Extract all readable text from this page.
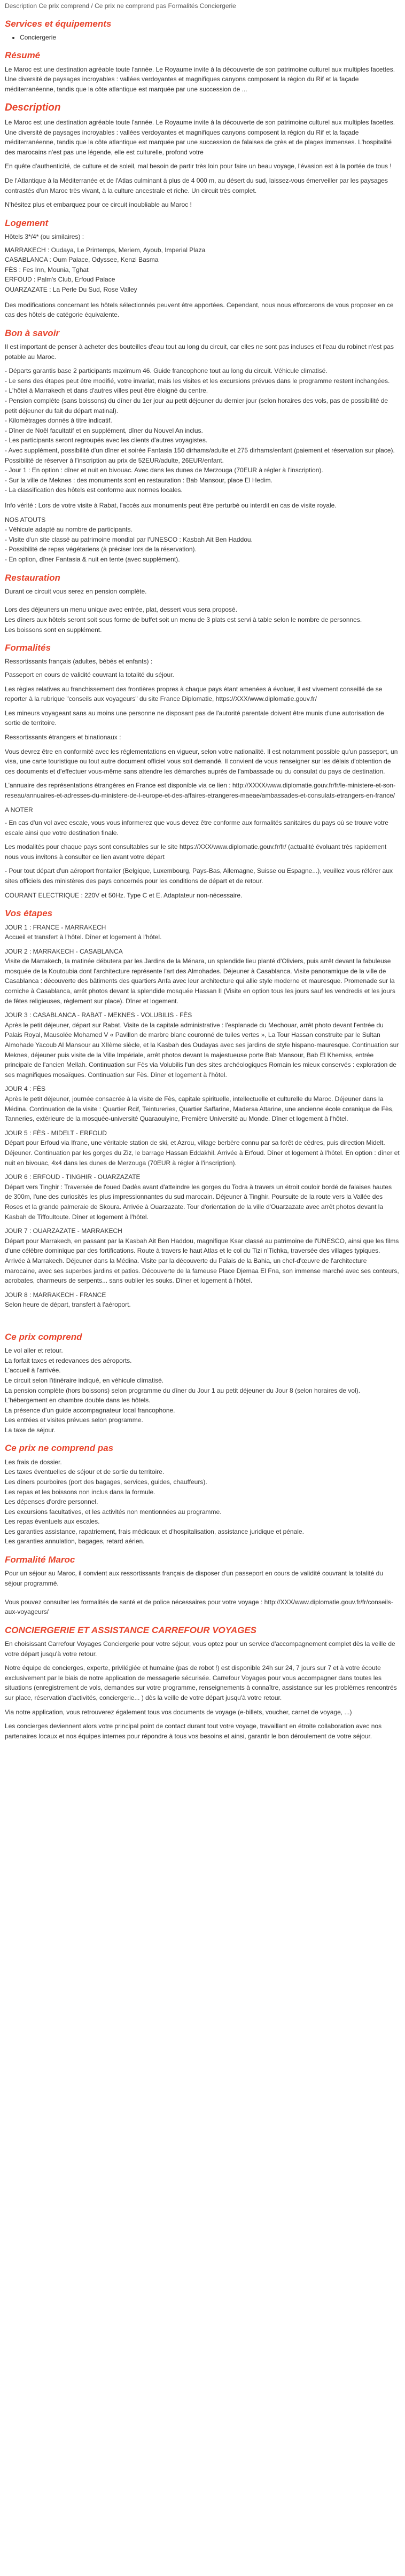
Description Ce prix comprend / Ce prix ne comprend pas Formalités Conciergerie
Services et équipements
• Conciergerie
Résumé

Le Maroc est une destination agréable toute l'année. Le Royaume invite à la découverte de son patrimoine culturel aux multiples facettes. Une diversité de paysages incroyables : vallées verdoyantes et magnifiques canyons composent la région du Rif et la façade méditerranéenne, tandis que la côte atlantique est marquée par une succession de ...

Description

Le Maroc est une destination agréable toute l'année. Le Royaume invite à la découverte de son patrimoine culturel aux multiples facettes. Une diversité de paysages incroyables : vallées verdoyantes et magnifiques canyons composent la région du Rif et la façade méditerranéenne, tandis que la côte atlantique est marquée par une succession de falaises de grès et de plages immenses. L'hospitalité des marocains n'est pas une légende, elle est culturelle, profond votre

En quête d'authenticité, de culture et de soleil, mal besoin de partir très loin pour faire un beau voyage, l'évasion est à la portée de tous !

De l'Atlantique à la Méditerranée et de l'Atlas culminant à plus de 4 000 m, au désert du sud, laissez-vous émerveiller par les paysages contrastés d'un Maroc très vivant, à la culture ancestrale et riche. Un circuit très complet.

N'hésitez plus et embarquez pour ce circuit inoubliable au Maroc !

Logement

Hôtels 3*/4* (ou similaires) :

MARRAKECH : Oudaya, Le Printemps, Meriem, Ayoub, Imperial Plaza
CASABLANCA : Oum Palace, Odyssee, Kenzi Basma
FÈS : Fes Inn, Mounia, Tghat
ERFOUD : Palm's Club, Erfoud Palace
OUARZAZATE : La Perle Du Sud, Rose Valley

Des modifications concernant les hôtels sélectionnés peuvent être apportées. Cependant, nous nous efforcerons de vous proposer en ce cas des hôtels de catégorie équivalente.

Bon à savoir

Il est important de penser à acheter des bouteilles d'eau tout au long du circuit, car elles ne sont pas incluses et l'eau du robinet n'est pas potable au Maroc.

- Départs garantis base 2 participants maximum 46. Guide francophone tout au long du circuit. Véhicule climatisé.
- Le sens des étapes peut être modifié, votre invariat, mais les visites et les excursions prévues dans le programme restent inchangées.
- L'hôtel à Marrakech et dans d'autres villes peut être éloigné du centre.
- Pension complète (sans boissons) du dîner du 1er jour au petit déjeuner du dernier jour (selon horaires des vols, pas de possibilité de petit déjeuner du fait du départ matinal).
- Kilométrages donnés à titre indicatif.
- Dîner de Noël facultatif et en supplément, dîner du Nouvel An inclus.
- Les participants seront regroupés avec les clients d'autres voyagistes.
- Avec supplément, possibilité d'un dîner et soirée Fantasia 150 dirhams/adulte et 275 dirhams/enfant (paiement et réservation sur place). Possibilité de réserver à l'inscription au prix de 52EUR/adulte, 26EUR/enfant.
- Jour 1 : En option : dîner et nuit en bivouac. Avec dans les dunes de Merzouga (70EUR à régler à l'inscription).
- Sur la ville de Meknes : des monuments sont en restauration : Bab Mansour, place El Hedim.
- La classification des hôtels est conforme aux normes locales.

Info vérité : Lors de votre visite à Rabat, l'accès aux monuments peut être perturbé ou interdit en cas de visite royale.

NOS ATOUTS
- Véhicule adapté au nombre de participants.
- Visite d'un site classé au patrimoine mondial par l'UNESCO : Kasbah Ait Ben Haddou.
- Possibilité de repas végétariens (à préciser lors de la réservation).
- En option, dîner Fantasia & nuit en tente (avec supplément).
Restauration

Durant ce circuit vous serez en pension complète.

Lors des déjeuners un menu unique avec entrée, plat, dessert vous sera proposé.
Les dîners aux hôtels seront soit sous forme de buffet soit un menu de 3 plats est servi à table selon le nombre de personnes.
Les boissons sont en supplément.
Formalités

Ressortissants français (adultes, bébés et enfants) :

Passeport en cours de validité couvrant la totalité du séjour.

Les règles relatives au franchissement des frontières propres à chaque pays étant amenées à évoluer, il est vivement conseillé de se reporter à la rubrique "conseils aux voyageurs" du site France Diplomatie, https://XXX/www.diplomatie.gouv.fr/

Les mineurs voyageant sans au moins une personne ne disposant pas de l'autorité parentale doivent être munis d'une autorisation de sortie de territoire.

Ressortissants étrangers et binationaux :

Vous devrez être en conformité avec les réglementations en vigueur, selon votre nationalité. Il est notamment possible qu'un passeport, un visa, une carte touristique ou tout autre document officiel vous soit demandé. Il convient de vous renseigner sur les délais d'obtention de ces documents et d'effectuer vous-même sans attendre les démarches auprès de l'ambassade ou du consulat du pays de destination.

L'annuaire des représentations étrangères en France est disponible via ce lien : http://XXXX/www.diplomatie.gouv.fr/fr/le-ministere-et-son-reseau/annuaires-et-adresses-du-ministere-de-l-europe-et-des-affaires-etrangeres-maeae/ambassades-et-consulats-etrangers-en-france/

A NOTER

- En cas d'un vol avec escale, vous vous informerez que vous devez être conforme aux formalités sanitaires du pays où se trouve votre escale ainsi que votre destination finale.

Les modalités pour chaque pays sont consultables sur le site https://XXX/www.diplomatie.gouv.fr/fr/ (actualité évoluant très rapidement nous vous invitons à consulter ce lien avant votre départ

- Pour tout départ d'un aéroport frontalier (Belgique, Luxembourg, Pays-Bas, Allemagne, Suisse ou Espagne...), veuillez vous référer aux sites officiels des ministères des pays concernés pour les conditions de départ et de retour.

COURANT ELECTRIQUE : 220V et 50Hz. Type C et E. Adaptateur non-nécessaire.

Vos étapes

JOUR 1 : FRANCE - MARRAKECH
Accueil et transfert à l'hôtel. Dîner et logement à l'hôtel.

JOUR 2 : MARRAKECH - CASABLANCA
Visite de Marrakech, la matinée débutera par les Jardins de la Ménara, un splendide lieu planté d'Oliviers, puis arrêt devant la fabuleuse mosquée de la Koutoubia dont l'architecture représente l'art des Almohades. Déjeuner à Casablanca. Visite panoramique de la ville de Casablanca : découverte des bâtiments des quartiers Anfa avec leur architecture qui allie style moderne et mauresque. Promenade sur la corniche à Casablanca, arrêt photos devant la splendide mosquée Hassan II (Visite en option tous les jours sauf les vendredis et les jours de fêtes religieuses, règlement sur place). Dîner et logement.

JOUR 3 : CASABLANCA - RABAT - MEKNES - VOLUBILIS - FÈS
Après le petit déjeuner, départ sur Rabat. Visite de la capitale administrative : l'esplanade du Mechouar, arrêt photo devant l'entrée du Palais Royal, Mausolée Mohamed V « Pavillon de marbre blanc couronné de tuiles vertes », La Tour Hassan construite par le Sultan Almohade Yacoub Al Mansour au XIIème siècle, et la Kasbah des Oudayas avec ses jardins de style hispano-mauresque. Continuation sur Meknes, déjeuner puis visite de la Ville Impériale, arrêt photos devant la majestueuse porte Bab Mansour, Bab El Khemiss, entrée principale de l'ancien Mellah. Continuation sur Fès via Volubilis l'un des sites archéologiques Romain les mieux conservés : exploration de ses magnifiques mosaïques. Continuation sur Fès. Dîner et logement à l'hôtel.

JOUR 4 : FÈS
Après le petit déjeuner, journée consacrée à la visite de Fès, capitale spirituelle, intellectuelle et culturelle du Maroc. Déjeuner dans la Médina. Continuation de la visite : Quartier Rcif, Teintureries, Quartier Saffarine, Madersa Attarine, une ancienne école coranique de Fès, Tanneries, extérieure de la mosquée-université Quaraouiyine, Première Université au Monde. Dîner et logement à l'hôtel.

JOUR 5 : FÈS - MIDELT - ERFOUD
Départ pour Erfoud via Ifrane, une véritable station de ski, et Azrou, village berbère connu par sa forêt de cèdres, puis direction Midelt. Déjeuner. Continuation par les gorges du Ziz, le barrage Hassan Eddakhil. Arrivée à Erfoud. Dîner et logement à l'hôtel. En option : dîner et nuit en bivouac, 4x4 dans les dunes de Merzouga (70EUR à régler à l'inscription).

JOUR 6 : ERFOUD - TINGHIR - OUARZAZATE
Départ vers Tinghir : Traversée de l'oued Dadès avant d'atteindre les gorges du Todra à travers un étroit couloir bordé de falaises hautes de 300m, l'une des curiosités les plus impressionnantes du sud marocain. Déjeuner à Tinghir. Poursuite de la route vers la Vallée des Roses et la grande palmeraie de Skoura. Arrivée à Ouarzazate. Tour d'orientation de la ville d'Ouarzazate avec arrêt photos devant la Kasbah de Tiffoultoute. Dîner et logement à l'hôtel.

JOUR 7 : OUARZAZATE - MARRAKECH
Départ pour Marrakech, en passant par la Kasbah Ait Ben Haddou, magnifique Ksar classé au patrimoine de l'UNESCO, ainsi que les films d'une célèbre dominique par des fortifications. Route à travers le haut Atlas et le col du Tizi n'Tichka, traversée des villages typiques. Arrivée à Marrakech. Déjeuner dans la Médina. Visite par la découverte du Palais de la Bahia, un chef-d'œuvre de l'architecture marocaine, avec ses superbes jardins et patios. Découverte de la fameuse Place Djemaa El Fna, son immense marché avec ses conteurs, acrobates, charmeurs de serpents... sans oublier les souks. Dîner et logement à l'hôtel.

JOUR 8 : MARRAKECH - FRANCE
Selon heure de départ, transfert à l'aéroport.

Ce prix comprend
Le vol aller et retour.
La forfait taxes et redevances des aéroports.
L'accueil à l'arrivée.
Le circuit selon l'itinéraire indiqué, en véhicule climatisé.
La pension complète (hors boissons) selon programme du dîner du Jour 1 au petit déjeuner du Jour 8 (selon horaires de vol).
L'hébergement en chambre double dans les hôtels.
La présence d'un guide accompagnateur local francophone.
Les entrées et visites prévues selon programme.
La taxe de séjour.
Ce prix ne comprend pas
Les frais de dossier.
Les taxes éventuelles de séjour et de sortie du territoire.
Les dîners pourboires (port des bagages, services, guides, chauffeurs).
Les repas et les boissons non inclus dans la formule.
Les dépenses d'ordre personnel.
Les excursions facultatives, et les activités non mentionnées au programme.
Les repas éventuels aux escales.
Les garanties assistance, rapatriement, frais médicaux et d'hospitalisation, assistance juridique et pénale.
Les garanties annulation, bagages, retard aérien.
Formalité Maroc

Pour un séjour au Maroc, il convient aux ressortissants français de disposer d'un passeport en cours de validité couvrant la totalité du séjour programmé.

Vous pouvez consulter les formalités de santé et de police nécessaires pour votre voyage : http://XXX/www.diplomatie.gouv.fr/fr/conseils-aux-voyageurs/

CONCIERGERIE ET ASSISTANCE CARREFOUR VOYAGES

En choisissant Carrefour Voyages Conciergerie pour votre séjour, vous optez pour un service d'accompagnement complet dès la veille de votre départ jusqu'à votre retour.

Notre équipe de concierges, experte, privilégiée et humaine (pas de robot !) est disponible 24h sur 24, 7 jours sur 7 et à votre écoute exclusivement par le biais de notre application de messagerie sécurisée. Carrefour Voyages pour vous accompagner dans toutes les situations (enregistrement de vols, demandes sur votre programme, renseignements à connaître, assistance sur les problèmes rencontrés sur place, réservation d'activités, conciergerie... ) dès la veille de votre départ jusqu'à votre retour.

Via notre application, vous retrouverez également tous vos documents de voyage (e-billets, voucher, carnet de voyage, ...)

Les concierges deviennent alors votre principal point de contact durant tout votre voyage, travaillant en étroite collaboration avec nos partenaires locaux et nos équipes internes pour répondre à tous vos besoins et ainsi, garantir le bon déroulement de votre séjour.
